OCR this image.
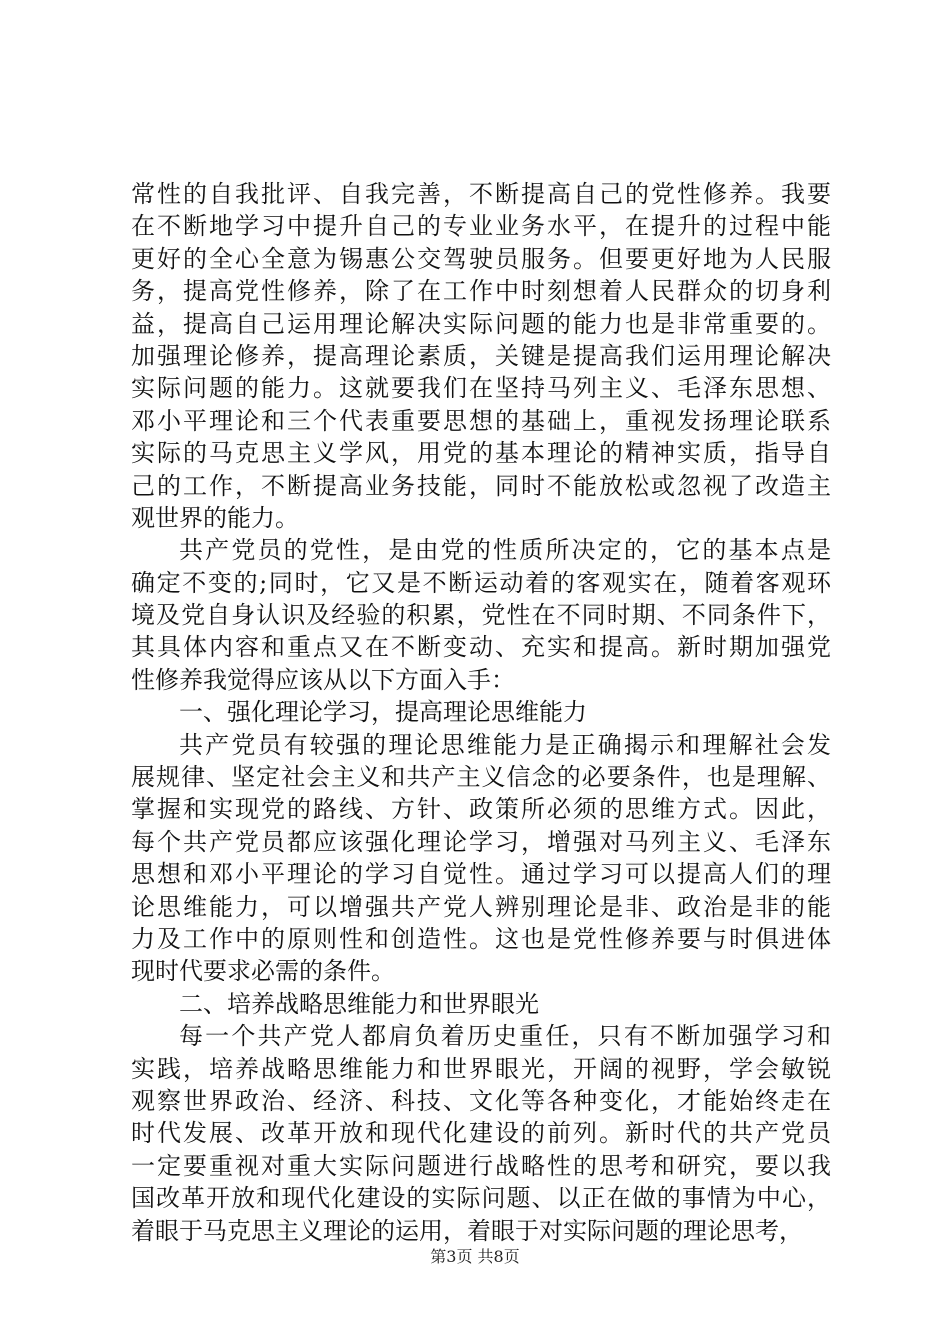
常性的自我批评、自我完善，不断提高自己的党性修养。我要
在不断地学习中提升自己的专业业务水平，在提升的过程中能
更好的全心全意为锡惠公交驾驶员服务。但要更好地为人民服
务，提高党性修养，除了在工作中时刻想着人民群众的切身利
益，提高自己运用理论解决实际问题的能力也是非常重要的。
加强理论修养，提高理论素质，关键是提高我们运用理论解决
实际问题的能力。这就要我们在坚持马列主义、毛泽东思想、
邓小平理论和三个代表重要思想的基础上，重视发扬理论联系
实际的马克思主义学风，用党的基本理论的精神实质，指导自
己的工作，不断提高业务技能，同时不能放松或忽视了改造主
观世界的能力。
共产党员的党性，是由党的性质所决定的，它的基本点是
确定不变的;同时，它又是不断运动着的客观实在，随着客观环
境及党自身认识及经验的积累，党性在不同时期、不同条件下，
其具体内容和重点又在不断变动、充实和提高。新时期加强党
性修养我觉得应该从以下方面入手：
一、强化理论学习，提高理论思维能力
共产党员有较强的理论思维能力是正确揭示和理解社会发
展规律、坚定社会主义和共产主义信念的必要条件，也是理解、
掌握和实现党的路线、方针、政策所必须的思维方式。因此，
每个共产党员都应该强化理论学习，增强对马列主义、毛泽东
思想和邓小平理论的学习自觉性。通过学习可以提高人们的理
论思维能力，可以增强共产党人辨别理论是非、政治是非的能
力及工作中的原则性和创造性。这也是党性修养要与时俱进体
现时代要求必需的条件。
二、培养战略思维能力和世界眼光
每一个共产党人都肩负着历史重任，只有不断加强学习和
实践，培养战略思维能力和世界眼光，开阔的视野，学会敏锐
观察世界政治、经济、科技、文化等各种变化，才能始终走在
时代发展、改革开放和现代化建设的前列。新时代的共产党员
一定要重视对重大实际问题进行战略性的思考和研究，要以我
国改革开放和现代化建设的实际问题、以正在做的事情为中心，
着眼于马克思主义理论的运用，着眼于对实际问题的理论思考，
第3页 共8页
